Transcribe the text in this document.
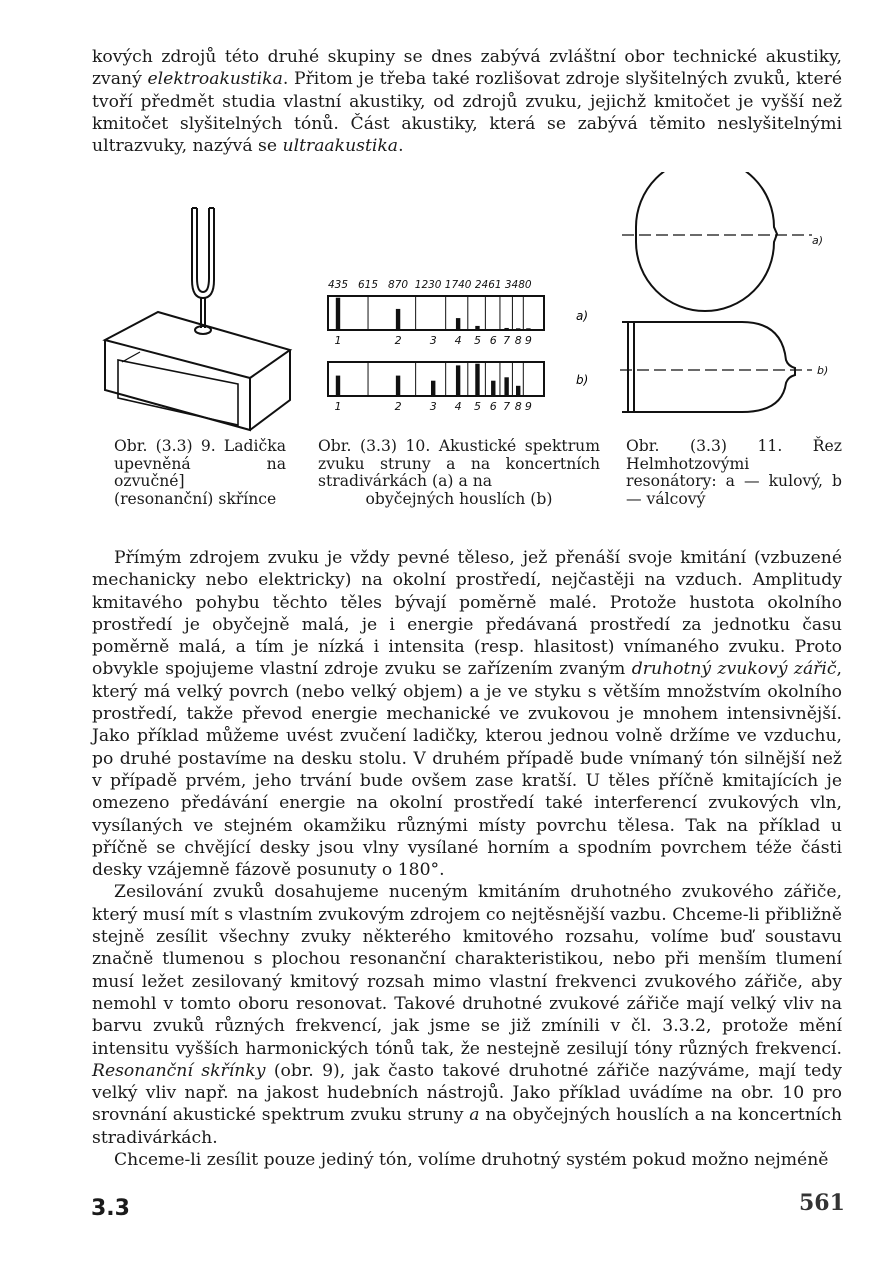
kových zdrojů této druhé skupiny se dnes zabývá zvláštní obor technické akustiky, zvaný elektroakustika. Přitom je třeba také rozlišovat zdroje slyšitelných zvuků, které tvoří předmět studia vlastní akustiky, od zdrojů zvuku, jejichž kmitočet je vyšší než kmitočet slyšitelných tónů. Část akustiky, která se zabývá těmito neslyšitelnými ultrazvuky, nazývá se ultraakustika.
Obr. (3.3) 9. Ladička upevněná na ozvučné] (resonanční) skřínce
435 615 870 1230 1740 2461 3480
1	2	3 4 5 6 7 8 9
1	2	3 4 5 6 7 8 9
a)
b)
Obr. (3.3) 10. Akustické spektrum zvuku struny a na koncertních stradivárkách (a) a na
obyčejných houslích (b)
a)
b)
Obr. (3.3) 11. Řez Helmhotzovými resonátory: a — kulový, b — válcový

Přímým zdrojem zvuku je vždy pevné těleso, jež přenáší svoje kmitání (vzbuzené mechanicky nebo elektricky) na okolní prostředí, nejčastěji na vzduch. Amplitudy kmitavého pohybu těchto těles bývají poměrně malé. Protože hustota okolního prostředí je obyčejně malá, je i energie předávaná prostředí za jednotku času poměrně malá, a tím je nízká i intensita (resp. hlasitost) vnímaného zvuku. Proto obvykle spojujeme vlastní zdroje zvuku se zařízením zvaným druhotný zvukový zářič, který má velký povrch (nebo velký objem) a je ve styku s větším množstvím okolního prostředí, takže převod energie mechanické ve zvukovou je mnohem intensivnější. Jako příklad můžeme uvést zvučení ladičky, kterou jednou volně držíme ve vzduchu, po druhé postavíme na desku stolu. V druhém případě bude vnímaný tón silnější než v případě prvém, jeho trvání bude ovšem zase kratší. U těles příčně kmitajících je omezeno předávání energie na okolní prostředí také interferencí zvukových vln, vysílaných ve stejném okamžiku různými místy povrchu tělesa. Tak na příklad u příčně se chvějící desky jsou vlny vysílané horním a spodním povrchem téže části desky vzájemně fázově posunuty o 180°.

Zesilování zvuků dosahujeme nuceným kmitáním druhotného zvukového zářiče, který musí mít s vlastním zvukovým zdrojem co nejtěsnější vazbu. Chceme-li přibližně stejně zesílit všechny zvuky některého kmitového rozsahu, volíme buď soustavu značně tlumenou s plochou resonanční charakteristikou, nebo při menším tlumení musí ležet zesilovaný kmitový rozsah mimo vlastní frekvenci zvukového zářiče, aby nemohl v tomto oboru resonovat. Takové druhotné zvukové zářiče mají velký vliv na barvu zvuků různých frekvencí, jak jsme se již zmínili v čl. 3.3.2, protože mění intensitu vyšších harmonických tónů tak, že nestejně zesilují tóny různých frekvencí. Resonanční skřínky (obr. 9), jak často takové druhotné zářiče nazýváme, mají tedy velký vliv např. na jakost hudebních nástrojů. Jako příklad uvádíme na obr. 10 pro srovnání akustické spektrum zvuku struny a na obyčejných houslích a na koncertních stradivárkách.

Chceme-li zesílit pouze jediný tón, volíme druhotný systém pokud možno nejméně

3.3	561
